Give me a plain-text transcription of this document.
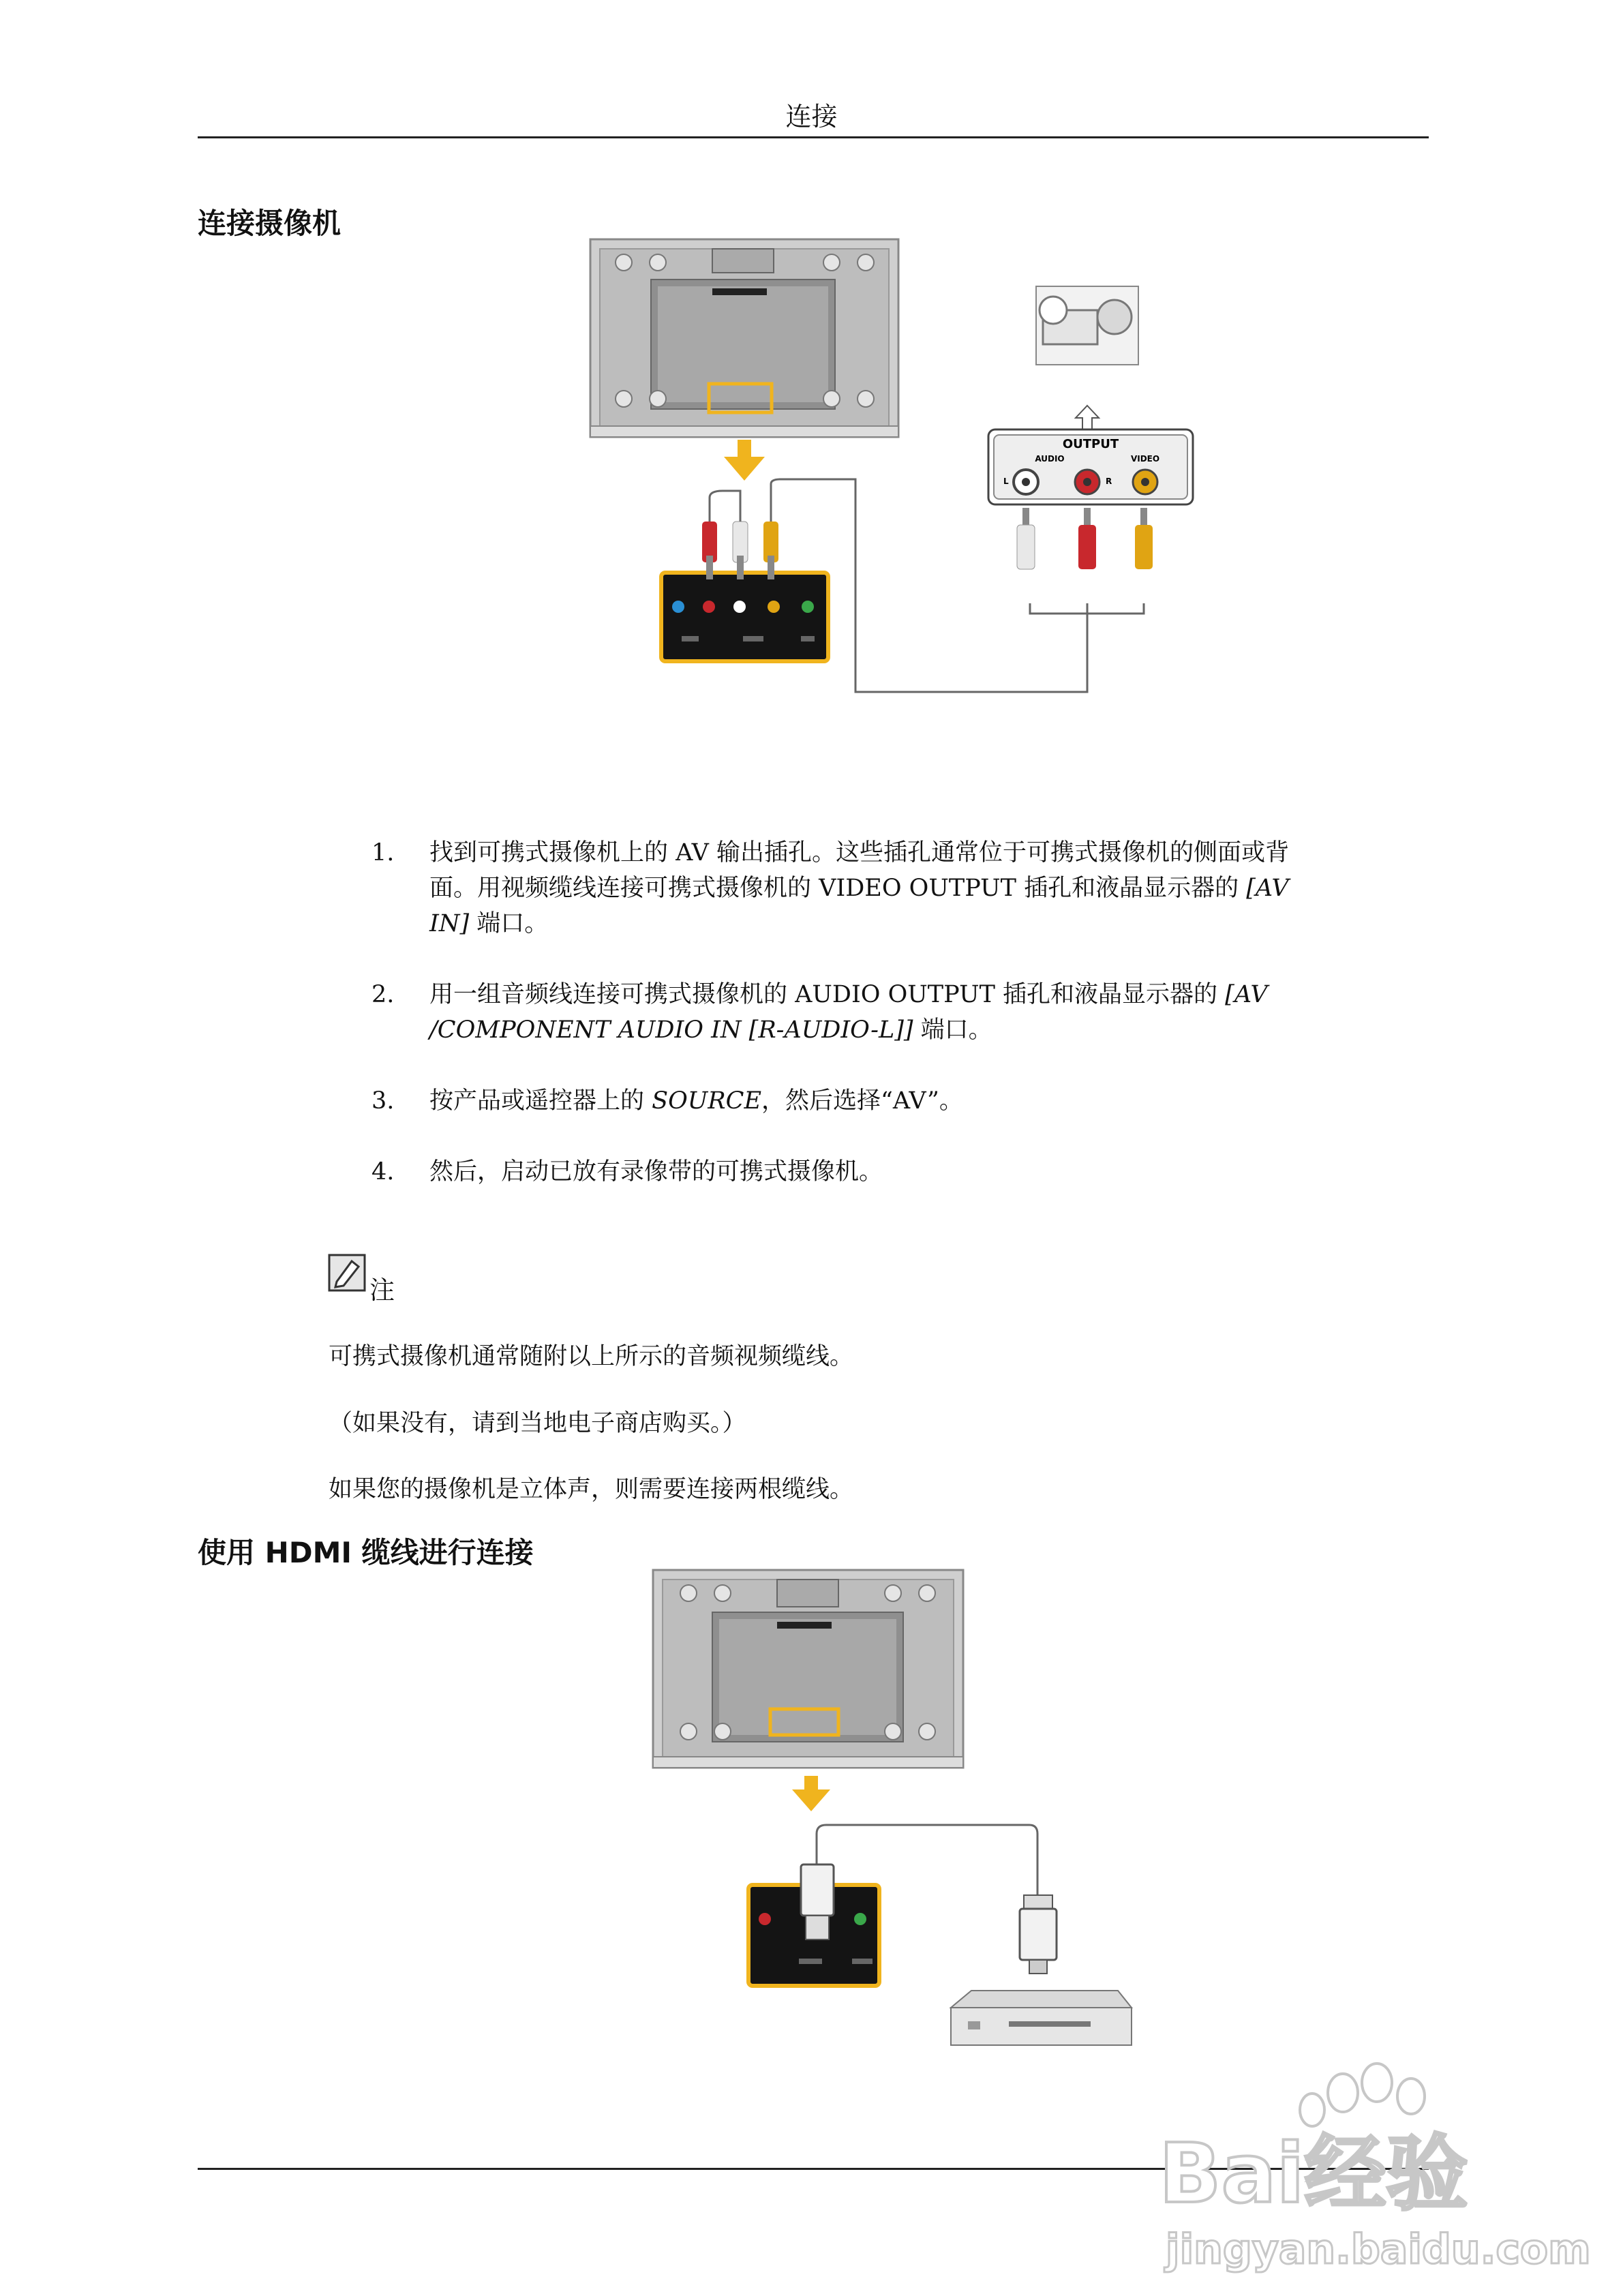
连接
连接摄像机
OUTPUT
AUDIO	VIDEO
L	R
1. 找到可携式摄像机上的 AV 输出插孔。这些插孔通常位于可携式摄像机的侧面或背面。用视频缆线连接可携式摄像机的 VIDEO OUTPUT 插孔和液晶显示器的 [AV IN] 端口。
2. 用一组音频线连接可携式摄像机的 AUDIO OUTPUT 插孔和液晶显示器的 [AV /COMPONENT AUDIO IN [R-AUDIO-L]] 端口。
3. 按产品或遥控器上的 SOURCE，然后选择“AV”。
4. 然后，启动已放有录像带的可携式摄像机。
注
可携式摄像机通常随附以上所示的音频视频缆线。
（如果没有，请到当地电子商店购买。）
如果您的摄像机是立体声，则需要连接两根缆线。
使用 HDMI 缆线进行连接
Bai经验
jingyan.baidu.com
